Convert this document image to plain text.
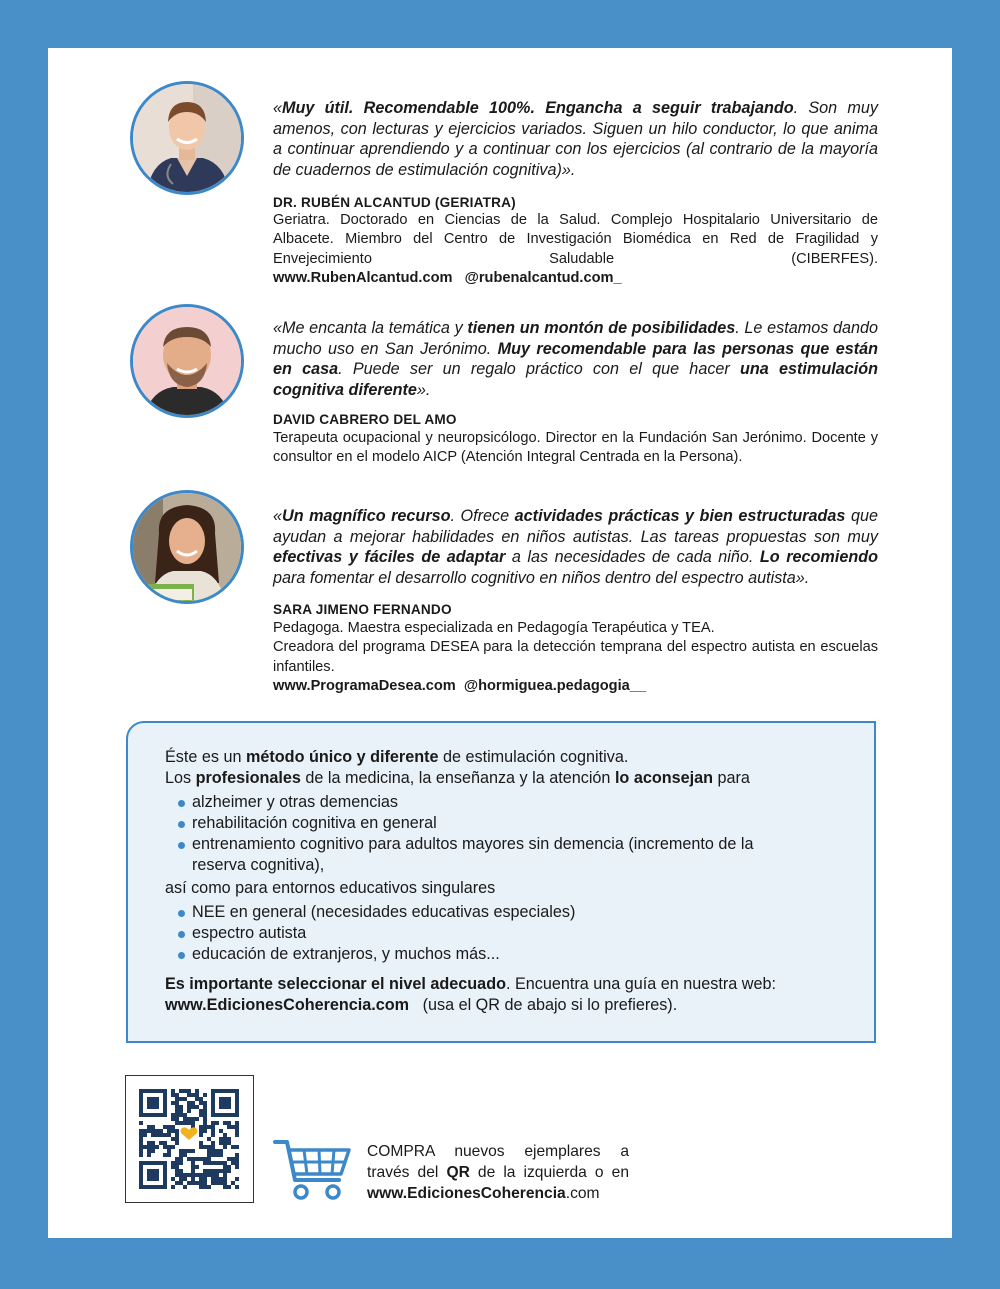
«Muy útil. Recomendable 100%. Engancha a seguir trabajando. Son muy amenos, con lecturas y ejercicios variados. Siguen un hilo conductor, lo que anima a continuar aprendiendo y a continuar con los ejercicios (al contrario de la mayoría de cuadernos de estimulación cognitiva)».

DR. RUBÉN ALCANTUD (GERIATRA)

Geriatra. Doctorado en Ciencias de la Salud. Complejo Hospitalario Universitario de Albacete. Miembro del Centro de Investigación Biomédica en Red de Fragilidad y Envejecimiento Saludable (CIBERFES). www.RubenAlcantud.com @rubenalcantud.com_

«Me encanta la temática y tienen un montón de posibilidades. Le estamos dando mucho uso en San Jerónimo. Muy recomendable para las personas que están en casa. Puede ser un regalo práctico con el que hacer una estimulación cognitiva diferente».

DAVID CABRERO DEL AMO

Terapeuta ocupacional y neuropsicólogo. Director en la Fundación San Jerónimo. Docente y consultor en el modelo AICP (Atención Integral Centrada en la Persona).

«Un magnífico recurso. Ofrece actividades prácticas y bien estructuradas que ayudan a mejorar habilidades en niños autistas. Las tareas propuestas son muy efectivas y fáciles de adaptar a las necesidades de cada niño. Lo recomiendo para fomentar el desarrollo cognitivo en niños dentro del espectro autista».

SARA JIMENO FERNANDO

Pedagoga. Maestra especializada en Pedagogía Terapéutica y TEA.
Creadora del programa DESEA para la detección temprana del espectro autista en escuelas infantiles.
www.ProgramaDesea.com @hormiguea.pedagogia__

Éste es un método único y diferente de estimulación cognitiva.

Los profesionales de la medicina, la enseñanza y la atención lo aconsejan para

alzheimer y otras demencias
rehabilitación cognitiva en general
entrenamiento cognitivo para adultos mayores sin demencia (incremento de la reserva cognitiva),

así como para entornos educativos singulares

NEE en general (necesidades educativas especiales)
espectro autista
educación de extranjeros, y muchos más...

Es importante seleccionar el nivel adecuado. Encuentra una guía en nuestra web:
www.EdicionesCoherencia.com (usa el QR de abajo si lo prefieres).

COMPRA nuevos ejemplares a través del QR de la izquierda o en www.EdicionesCoherencia.com
